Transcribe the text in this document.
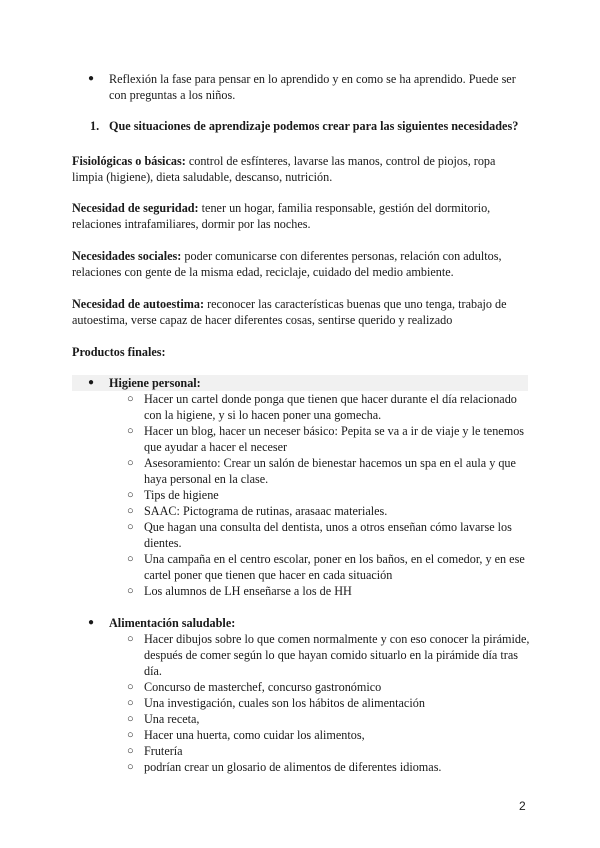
● Reflexión la fase para pensar en lo aprendido y en como se ha aprendido. Puede ser con preguntas a los niños.
1. Que situaciones de aprendizaje podemos crear para las siguientes necesidades?
Fisiológicas o básicas: control de esfínteres, lavarse las manos, control de piojos, ropa limpia (higiene), dieta saludable, descanso, nutrición.
Necesidad de seguridad: tener un hogar, familia responsable, gestión del dormitorio, relaciones intrafamiliares, dormir por las noches.
Necesidades sociales: poder comunicarse con diferentes personas, relación con adultos, relaciones con gente de la misma edad, reciclaje, cuidado del medio ambiente.
Necesidad de autoestima: reconocer las características buenas que uno tenga, trabajo de autoestima, verse capaz de hacer diferentes cosas, sentirse querido y realizado
Productos finales:
● Higiene personal:
○ Hacer un cartel donde ponga que tienen que hacer durante el día relacionado con la higiene, y si lo hacen poner una gomecha.
○ Hacer un blog, hacer un neceser básico: Pepita se va a ir de viaje y le tenemos que ayudar a hacer el neceser
○ Asesoramiento: Crear un salón de bienestar hacemos un spa en el aula y que haya personal en la clase.
○ Tips de higiene
○ SAAC: Pictograma de rutinas, arasaac materiales.
○ Que hagan una consulta del dentista, unos a otros enseñan cómo lavarse los dientes.
○ Una campaña en el centro escolar, poner en los baños, en el comedor, y en ese cartel poner que tienen que hacer en cada situación
○ Los alumnos de LH enseñarse a los de HH
● Alimentación saludable:
○ Hacer dibujos sobre lo que comen normalmente y con eso conocer la pirámide, después de comer según lo que hayan comido situarlo en la pirámide día tras día.
○ Concurso de masterchef, concurso gastronómico
○ Una investigación, cuales son los hábitos de alimentación
○ Una receta,
○ Hacer una huerta, como cuidar los alimentos,
○ Frutería
○ podrían crear un glosario de alimentos de diferentes idiomas.
2
